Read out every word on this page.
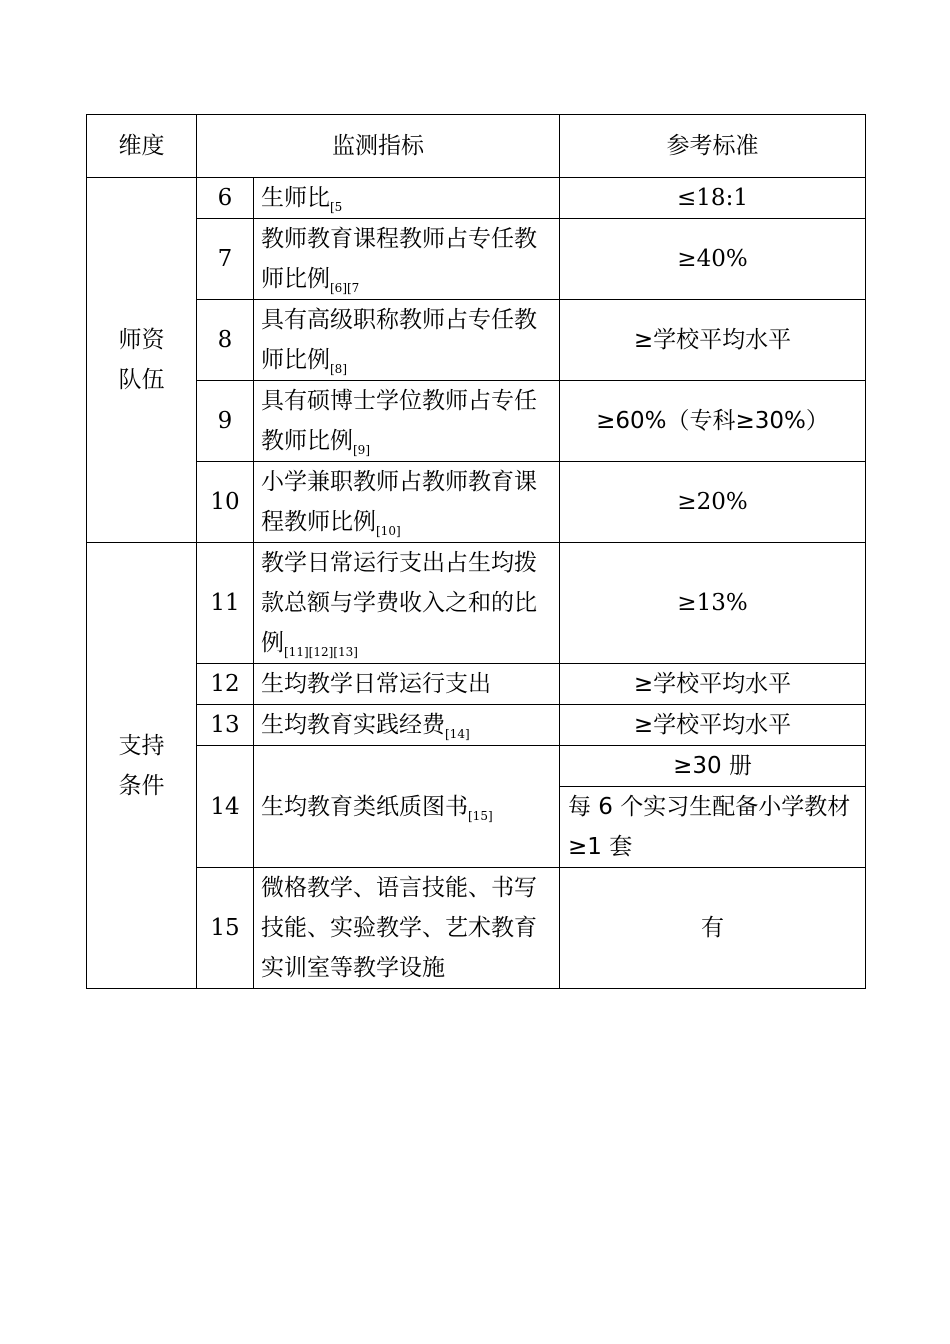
维度	监测指标		参考标准
师资
队伍	6	生师比$_{[5}$	≤18:1
	7	教师教育课程教师占专任教师比例$_{[6][7}$	≥40%
	8	具有高级职称教师占专任教师比例$_{[8]}$	≥学校平均水平
	9	具有硕博士学位教师占专任教师比例$_{[9]}$	≥60%（专科≥30%）
	10	小学兼职教师占教师教育课程教师比例$_{[10]}$	≥20%
支持
条件	11	教学日常运行支出占生均拨款总额与学费收入之和的比例$_{[11][12][13]}$	≥13%
	12	生均教学日常运行支出	≥学校平均水平
	13	生均教育实践经费$_{[14]}$	≥学校平均水平
	14	生均教育类纸质图书$_{[15]}$	≥30 册
			每 6 个实习生配备小学教材≥1 套
	15	微格教学、语言技能、书写技能、实验教学、艺术教育实训室等教学设施	有
